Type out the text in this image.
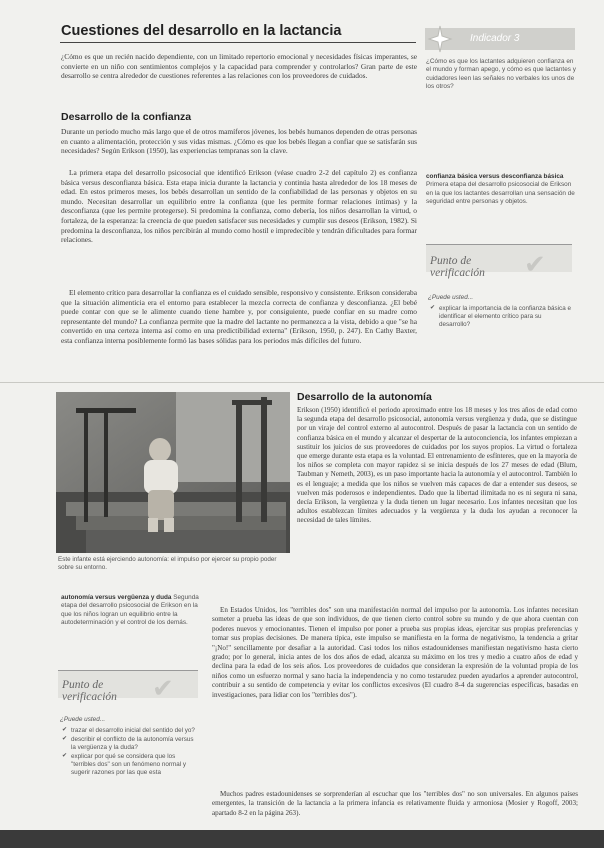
Cuestiones del desarrollo en la lactancia	Indicador 3

¿Cómo es que los lactantes adquieren confianza en el mundo y forman apego, y cómo es que lactantes y cuidadores leen las señales no verbales los unos de los otros?

¿Cómo es que un recién nacido dependiente, con un limitado repertorio emocional y necesidades físicas imperantes, se convierte en un niño con sentimientos complejos y la capacidad para comprender y controlarlos? Gran parte de este desarrollo se centra alrededor de cuestiones referentes a las relaciones con los proveedores de cuidados.

Desarrollo de la confianza

Durante un periodo mucho más largo que el de otros mamíferos jóvenes, los bebés humanos dependen de otras personas en cuanto a alimentación, protección y sus vidas mismas. ¿Cómo es que los bebés llegan a confiar que se satisfarán sus necesidades? Según Erikson (1950), las experiencias tempranas son la clave.

La primera etapa del desarrollo psicosocial que identificó Erikson (véase cuadro 2-2 del capítulo 2) es confianza básica versus desconfianza básica. Esta etapa inicia durante la lactancia y continúa hasta alrededor de los 18 meses de edad. En estos primeros meses, los bebés desarrollan un sentido de la confiabilidad de las personas y objetos en su mundo. Necesitan desarrollar un equilibrio entre la confianza (que les permite formar relaciones íntimas) y la desconfianza (que les permite protegerse). Si predomina la confianza, como debería, los niños desarrollan la virtud, o fortaleza, de la esperanza: la creencia de que pueden satisfacer sus necesidades y cumplir sus deseos (Erikson, 1982). Si predomina la desconfianza, los niños percibirán al mundo como hostil e impredecible y tendrán dificultades para formar relaciones.

El elemento crítico para desarrollar la confianza es el cuidado sensible, responsivo y consistente. Erikson consideraba que la situación alimenticia era el entorno para establecer la mezcla correcta de confianza y desconfianza. ¿El bebé puede contar con que se le alimente cuando tiene hambre y, por consiguiente, puede confiar en su madre como representante del mundo? La confianza permite que la madre del lactante no permanezca a la vista, debido a que "se ha convertido en una certeza interna así como en una predictibilidad externa" (Erikson, 1950, p. 247). En Cathy Baxter, esta confianza interna posiblemente formó las bases sólidas para los periodos más difíciles del futuro.

confianza básica versus desconfianza básica Primera etapa del desarrollo psicosocial de Erikson en la que los lactantes desarrollan una sensación de seguridad entre personas y objetos.

Punto de
verificación ✔

¿Puede usted...

✔ explicar la importancia de la confianza básica e identificar el elemento crítico para su desarrollo?

Este infante está ejerciendo autonomía: el impulso por ejercer su propio poder sobre su entorno.

autonomía versus vergüenza y duda Segunda etapa del desarrollo psicosocial de Erikson en la que los niños logran un equilibrio entre la autodeterminación y el control de los demás.

Punto de
verificación ✔

¿Puede usted...

✔ trazar el desarrollo inicial del sentido del yo?
✔ describir el conflicto de la autonomía versus la vergüenza y la duda?
✔ explicar por qué se considera que los "terribles dos" son un fenómeno normal y sugerir razones por las que esta
Desarrollo de la autonomía

Erikson (1950) identificó el periodo aproximado entre los 18 meses y los tres años de edad como la segunda etapa del desarrollo psicosocial, autonomía versus vergüenza y duda, que se distingue por un viraje del control externo al autocontrol. Después de pasar la lactancia con un sentido de confianza básica en el mundo y alcanzar el despertar de la autoconciencia, los infantes empiezan a sustituir los juicios de sus proveedores de cuidados por los suyos propios. La virtud o fortaleza que emerge durante esta etapa es la voluntad. El entrenamiento de esfínteres, que en la mayoría de los niños se completa con mayor rapidez si se inicia después de los 27 meses de edad (Blum, Taubman y Nemeth, 2003), es un paso importante hacia la autonomía y el autocontrol. También lo es el lenguaje; a medida que los niños se vuelven más capaces de dar a entender sus deseos, se vuelven más poderosos e independientes. Dado que la libertad ilimitada no es ni segura ni sana, decía Erikson, la vergüenza y la duda tienen un lugar necesario. Los infantes necesitan que los adultos establezcan límites adecuados y la vergüenza y la duda los ayudan a reconocer la necesidad de tales límites.

En Estados Unidos, los "terribles dos" son una manifestación normal del impulso por la autonomía. Los infantes necesitan someter a prueba las ideas de que son individuos, de que tienen cierto control sobre su mundo y de que ahora cuentan con poderes nuevos y emocionantes. Tienen el impulso por poner a prueba sus propias ideas, ejercitar sus propias preferencias y tomar sus propias decisiones. De manera típica, este impulso se manifiesta en la forma de negativismo, la tendencia a gritar "¡No!" sencillamente por desafiar a la autoridad. Casi todos los niños estadounidenses manifiestan negativismo hasta cierto grado; por lo general, inicia antes de los dos años de edad, alcanza su máximo en los tres y medio a cuatro años de edad y declina para la edad de los seis años. Los proveedores de cuidados que consideran la expresión de la voluntad propia de los niños como un esfuerzo normal y sano hacia la independencia y no como testarudez pueden ayudarlos a aprender autocontrol, contribuir a su sentido de competencia y evitar los conflictos excesivos (El cuadro 8-4 da sugerencias específicas, basadas en investigaciones, para lidiar con los "terribles dos").

Muchos padres estadounidenses se sorprenderían al escuchar que los "terribles dos" no son universales. En algunos países emergentes, la transición de la lactancia a la primera infancia es relativamente fluida y armoniosa (Mosier y Rogoff, 2003; apartado 8-2 en la página 263).
